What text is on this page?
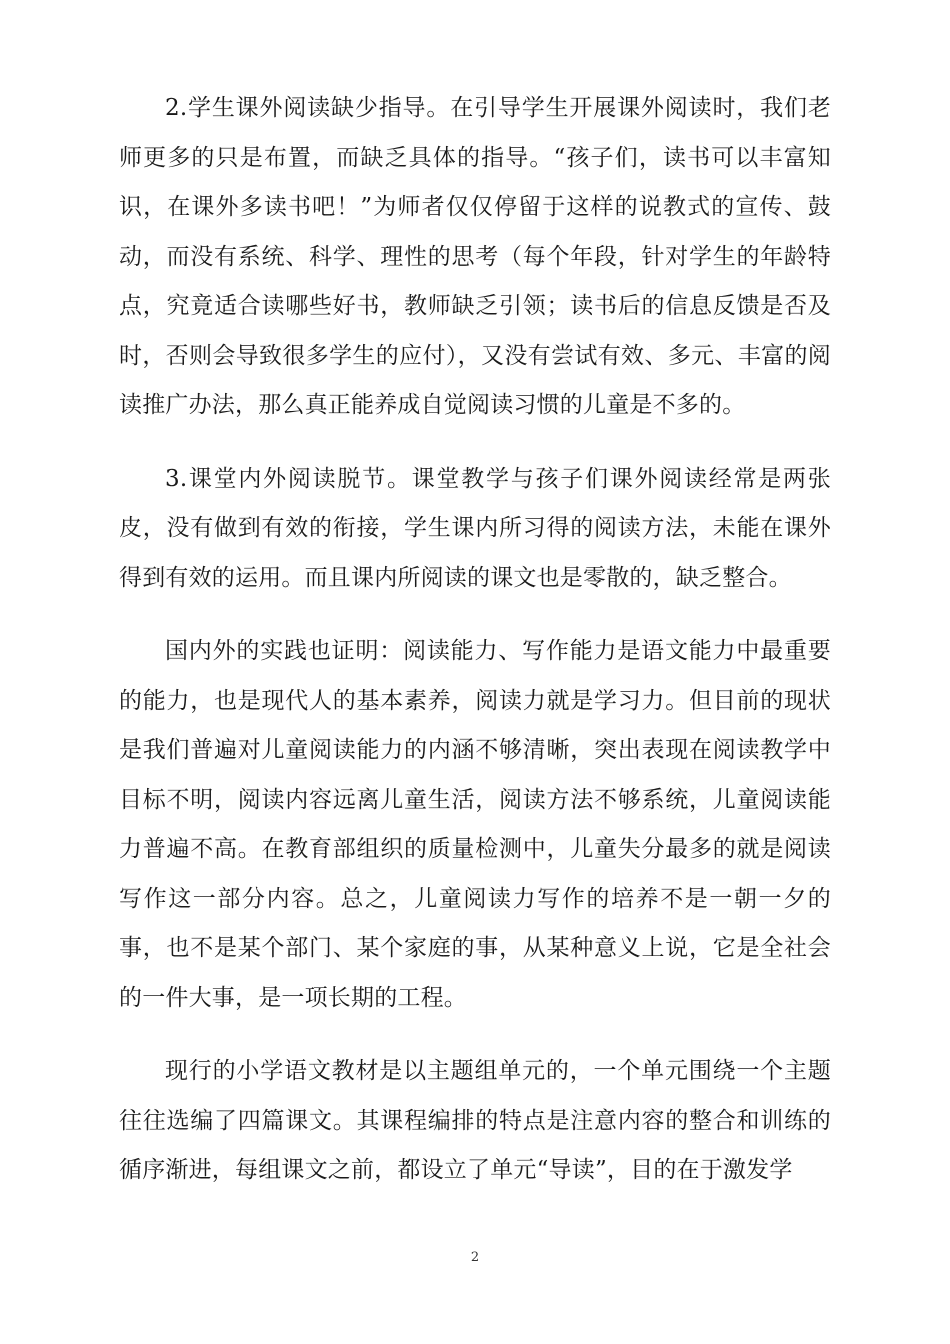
2.学生课外阅读缺少指导。在引导学生开展课外阅读时，我们老师更多的只是布置，而缺乏具体的指导。“孩子们，读书可以丰富知识，在课外多读书吧！”为师者仅仅停留于这样的说教式的宣传、鼓动，而没有系统、科学、理性的思考（每个年段，针对学生的年龄特点，究竟适合读哪些好书，教师缺乏引领；读书后的信息反馈是否及时，否则会导致很多学生的应付），又没有尝试有效、多元、丰富的阅读推广办法，那么真正能养成自觉阅读习惯的儿童是不多的。

3.课堂内外阅读脱节。课堂教学与孩子们课外阅读经常是两张皮，没有做到有效的衔接，学生课内所习得的阅读方法，未能在课外得到有效的运用。而且课内所阅读的课文也是零散的，缺乏整合。

国内外的实践也证明：阅读能力、写作能力是语文能力中最重要的能力，也是现代人的基本素养，阅读力就是学习力。但目前的现状是我们普遍对儿童阅读能力的内涵不够清晰，突出表现在阅读教学中目标不明，阅读内容远离儿童生活，阅读方法不够系统，儿童阅读能力普遍不高。在教育部组织的质量检测中，儿童失分最多的就是阅读写作这一部分内容。总之，儿童阅读力写作的培养不是一朝一夕的事，也不是某个部门、某个家庭的事，从某种意义上说，它是全社会的一件大事，是一项长期的工程。

现行的小学语文教材是以主题组单元的，一个单元围绕一个主题往往选编了四篇课文。其课程编排的特点是注意内容的整合和训练的循序渐进，每组课文之前，都设立了单元“导读”，目的在于激发学

2
